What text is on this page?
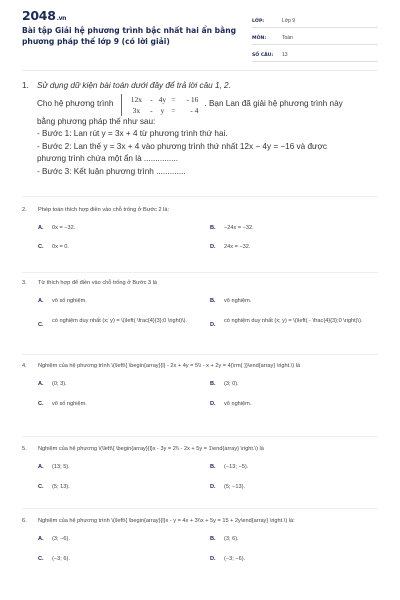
2048.vn
Bài tập Giải hệ phương trình bậc nhất hai ẩn bằng phương pháp thế lớp 9 (có lời giải)
LỚP:	Lớp 9
MÔN:	Toán
SỐ CÂU:	13
1. Sử dụng dữ kiện bài toán dưới đây để trả lời câu 1, 2.
Cho hệ phương trình
12x	- 4y =	- 16
3x	-	y =	- 4
. Bạn Lan đã giải hệ phương trình này
bằng phương pháp thế như sau:
- Bước 1: Lan rút y = 3x + 4 từ phương trình thứ hai.
- Bước 2: Lan thế y = 3x + 4 vào phương trình thứ nhất 12x − 4y = −16 và được
phương trình chứa một ẩn là ...............
- Bước 3: Kết luận phương trình .............
2.	Phép toán thích hợp điền vào chỗ trống ở Bước 2 là:
A.	0x = −32.	B.	−24x = −32.
C.	0x = 0.	D.	24x = −32.
3.	Từ thích hợp để điền vào chỗ trống ở Bước 3 là
A.	vô số nghiệm.	B.	vô nghiệm.
C.
có nghiệm duy nhất (x; y) = \(\left( \frac{4}{3};0 \right)\).
D.
có nghiệm duy nhất (x; y) = \(\left( - \frac{4}{3};0 \right)\).
4.	Nghiệm của hệ phương trình \(\left\{ \begin{array}{l} - 2x + 4y = 5\\ - x + 2y = 4{\rm{ }}\end{array} \right.\) là
A.	(0; 3).	B.	(3; 0).
C.	vô số nghiệm.	D.	vô nghiệm.
5.	Nghiệm của hệ phương \(\left\{ \begin{array}{l}x - 3y = 2\\ - 2x + 5y = 1\end{array} \right.\) là
A.	(13; 5).	B.	(−13; −5).
C.	(5; 13).	D.	(5; −13).
6.	Nghiệm của hệ phương trình \(\left\{ \begin{array}{l}x - y = 4x + 3\\x + 5y = 15 + 2y\end{array} \right.\) là:
A.	(3; −6).	B.	(3; 6).
C.	(−3; 6).	D.	(−3; −6).
